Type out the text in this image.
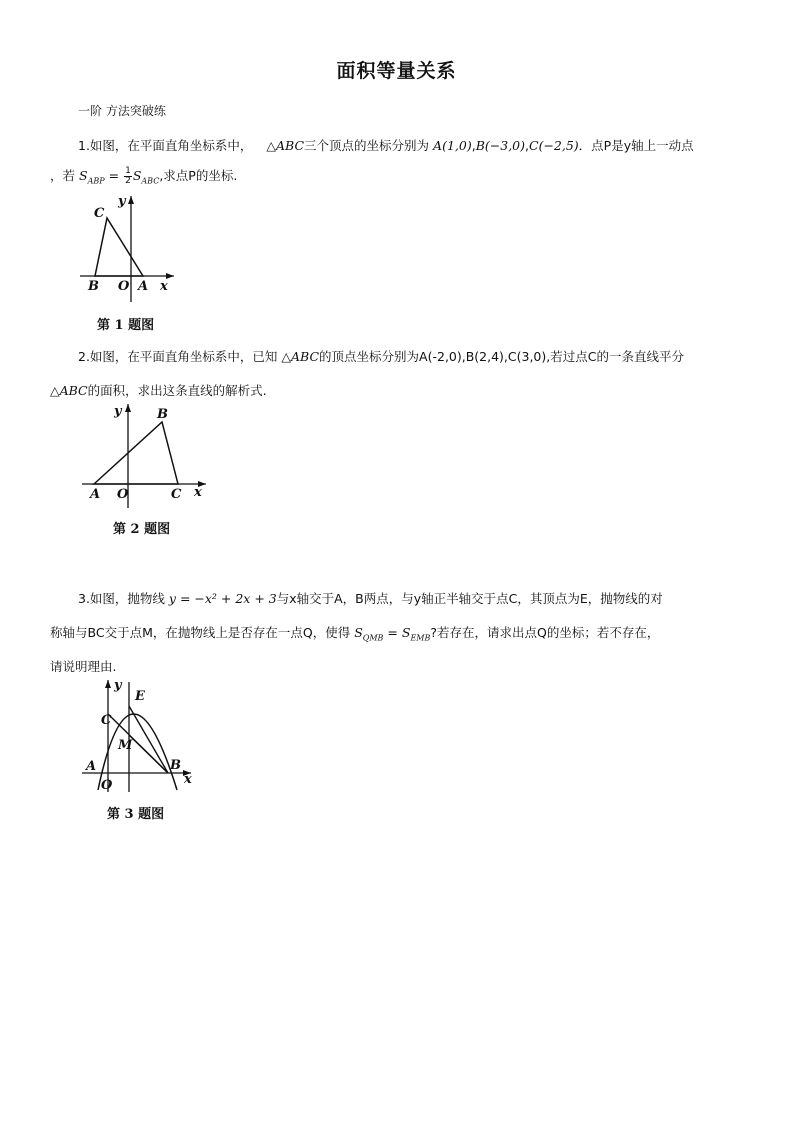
面积等量关系
一阶 方法突破练
1.如图，在平面直角坐标系中， △ABC三个顶点的坐标分别为 A(1,0),B(−3,0),C(−2,5)．点P是y轴上一动点
，若 $S_{ABP} = \frac{1}{2} S_{ABC}$,求点P的坐标.
C
y
B O A x
第 1 题图
2.如图，在平面直角坐标系中，已知 △ABC的顶点坐标分别为A(-2,0),B(2,4),C(3,0),若过点C的一条直线平分
△ABC的面积，求出这条直线的解析式.
y	B
A O	C x
第 2 题图
3.如图，抛物线 y = −x² + 2x + 3与x轴交于A，B两点，与y轴正半轴交于点C，其顶点为E，抛物线的对
称轴与BC交于点M，在抛物线上是否存在一点Q，使得 $S_{QMB} = S_{EMB}$?若存在，请求出点Q的坐标；若不存在，
请说明理由.
y
E
C
M
A	B
O	x
第 3 题图
